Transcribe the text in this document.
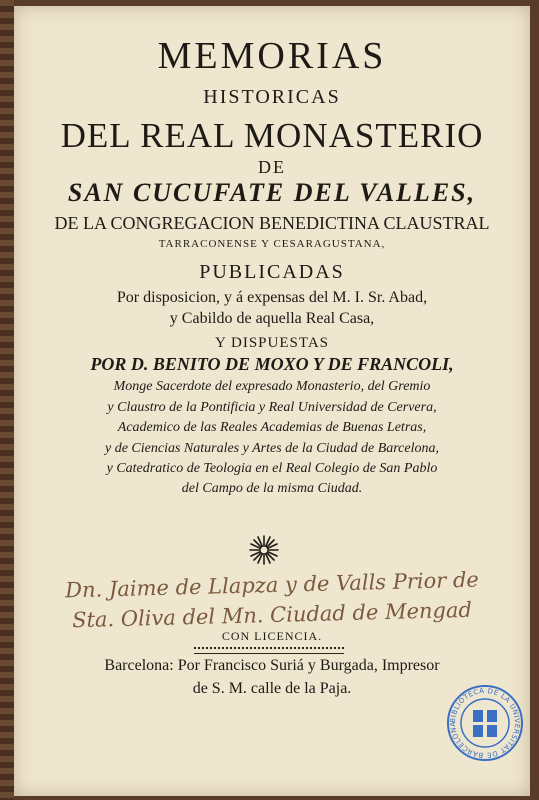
MEMORIAS
HISTORICAS
DEL REAL MONASTERIO
DE
SAN CUCUFATE DEL VALLES,
DE LA CONGREGACION BENEDICTINA CLAUSTRAL
TARRACONENSE Y CESARAGUSTANA,
PUBLICADAS
Por disposicion, y á expensas del M. I. Sr. Abad,
y Cabildo de aquella Real Casa,
Y DISPUESTAS
POR D. BENITO DE MOXO Y DE FRANCOLI,
Monge Sacerdote del expresado Monasterio, del Gremio
y Claustro de la Pontificia y Real Universidad de Cervera,
Academico de las Reales Academias de Buenas Letras,
y de Ciencias Naturales y Artes de la Ciudad de Barcelona,
y Catedratico de Teologia en el Real Colegio de San Pablo
del Campo de la misma Ciudad.
Dn. Jaime de Llapza y de Valls Prior de
Sta. Oliva del Mn. Ciudad de Mengad
CON LICENCIA.
Barcelona: Por Francisco Suriá y Burgada, Impresor
de S. M. calle de la Paja.
BIBLIOTECA DE LA UNIVERSITAT DE BARCELONA
